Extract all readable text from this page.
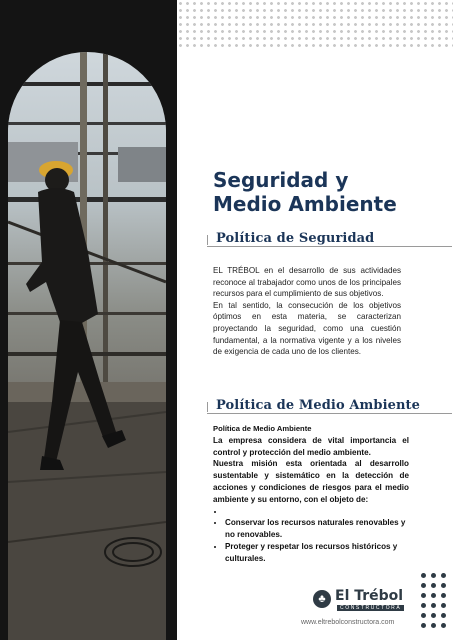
Seguridad y
Medio Ambiente
Política de Seguridad

EL TRÉBOL en el desarrollo de sus actividades reconoce al trabajador como unos de los principales recursos para el cumplimiento de sus objetivos.

En tal sentido, la consecución de los objetivos óptimos en esta materia, se caracterizan proyectando la seguridad, como una cuestión fundamental, a la normativa vigente y a los niveles de exigencia de cada uno de los clientes.

Política de Medio Ambiente

Política de Medio Ambiente

La empresa considera de vital importancia el control y protección del medio ambiente.

Nuestra misión esta orientada al desarrollo sustentable y sistemático en la detección de acciones y condiciones de riesgos para el medio ambiente y su entorno, con el objeto de:

•
• Conservar los recursos naturales renovables y no renovables.
• Proteger y respetar los recursos históricos y culturales.
♣ El Trébol
CONSTRUCTORA
www.eltrebolconstructora.com
